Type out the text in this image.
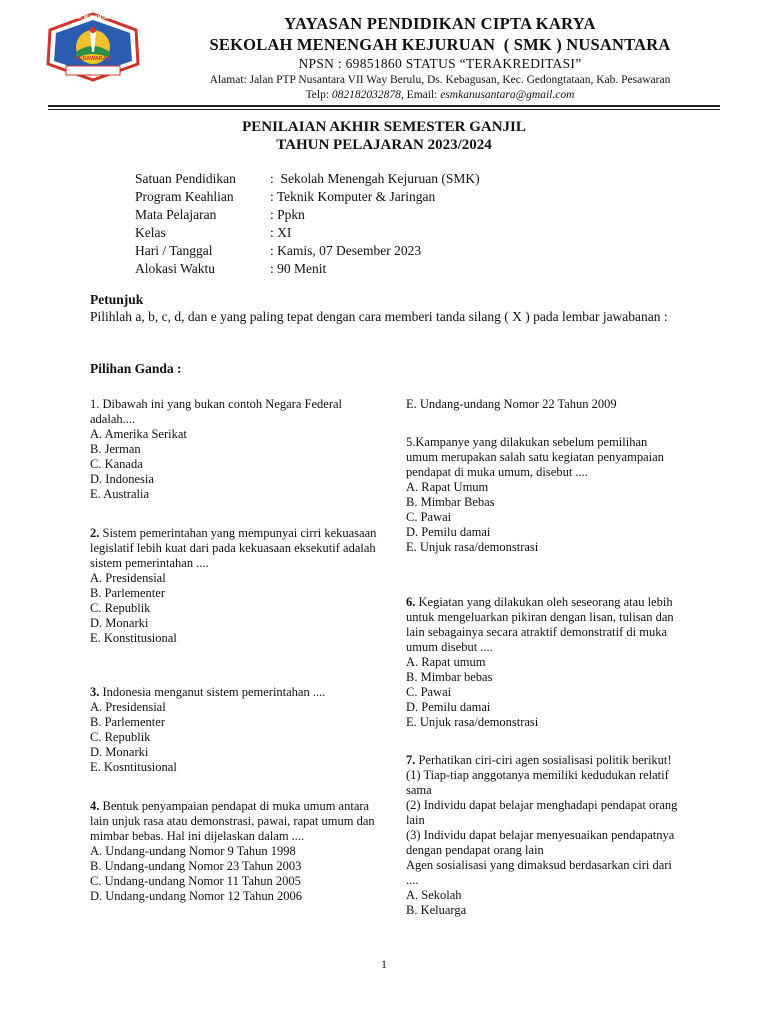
SMK NUSANTARA
PESAWARAN
YAYASAN PENDIDIKAN CIPTA KARYA
SEKOLAH MENENGAH KEJURUAN  ( SMK ) NUSANTARA
NPSN : 69851860 STATUS “TERAKREDITASI”
Alamat: Jalan PTP Nusantara VII Way Berulu, Ds. Kebagusan, Kec. Gedongtataan, Kab. Pesawaran
Telp: 082182032878, Email: esmkanusantara@gmail.com
PENILAIAN AKHIR SEMESTER GANJIL
TAHUN PELAJARAN 2023/2024
Satuan Pendidikan	:  Sekolah Menengah Kejuruan (SMK)
Program Keahlian	: Teknik Komputer & Jaringan
Mata Pelajaran	: Ppkn
Kelas	: XI
Hari / Tanggal	: Kamis, 07 Desember 2023
Alokasi Waktu	: 90 Menit
Petunjuk
Pilihlah a, b, c, d, dan e yang paling tepat dengan cara memberi tanda silang ( X ) pada lembar jawabanan :
Pilihan Ganda :

1. Dibawah ini yang bukan contoh Negara Federal adalah....

A. Amerika Serikat

B. Jerman

C. Kanada

D. Indonesia

E. Australia

2. Sistem pemerintahan yang mempunyai cirri kekuasaan legislatif lebih kuat dari pada kekuasaan eksekutif adalah sistem pemerintahan ....

A. Presidensial

B. Parlementer

C. Republik

D. Monarki

E. Konstitusional

3. Indonesia menganut sistem pemerintahan ....

A. Presidensial

B. Parlementer

C. Republik

D. Monarki

E. Kosntitusional

4. Bentuk penyampaian pendapat di muka umum antara lain unjuk rasa atau demonstrasi, pawai, rapat umum dan mimbar bebas. Hal ini dijelaskan dalam ....

A. Undang-undang Nomor 9 Tahun 1998

B. Undang-undang Nomor 23 Tahun 2003

C. Undang-undang Nomor 11 Tahun 2005

D. Undang-undang Nomor 12 Tahun 2006

E. Undang-undang Nomor 22 Tahun 2009

5.Kampanye yang dilakukan sebelum pemilihan umum merupakan salah satu kegiatan penyampaian pendapat di muka umum, disebut ....

A. Rapat Umum

B. Mimbar Bebas

C. Pawai

D. Pemilu damai

E. Unjuk rasa/demonstrasi

6. Kegiatan yang dilakukan oleh seseorang atau lebih untuk mengeluarkan pikiran dengan lisan, tulisan dan lain sebagainya secara atraktif demonstratif di muka umum disebut ....

A. Rapat umum

B. Mimbar bebas

C. Pawai

D. Pemilu damai

E. Unjuk rasa/demonstrasi

7. Perhatikan ciri-ciri agen sosialisasi politik berikut!

(1) Tiap-tiap anggotanya memiliki kedudukan relatif sama

(2) Individu dapat belajar menghadapi pendapat orang lain

(3) Individu dapat belajar menyesuaikan pendapatnya dengan pendapat orang lain

Agen sosialisasi yang dimaksud berdasarkan ciri dari ....

A. Sekolah

B. Keluarga

1
